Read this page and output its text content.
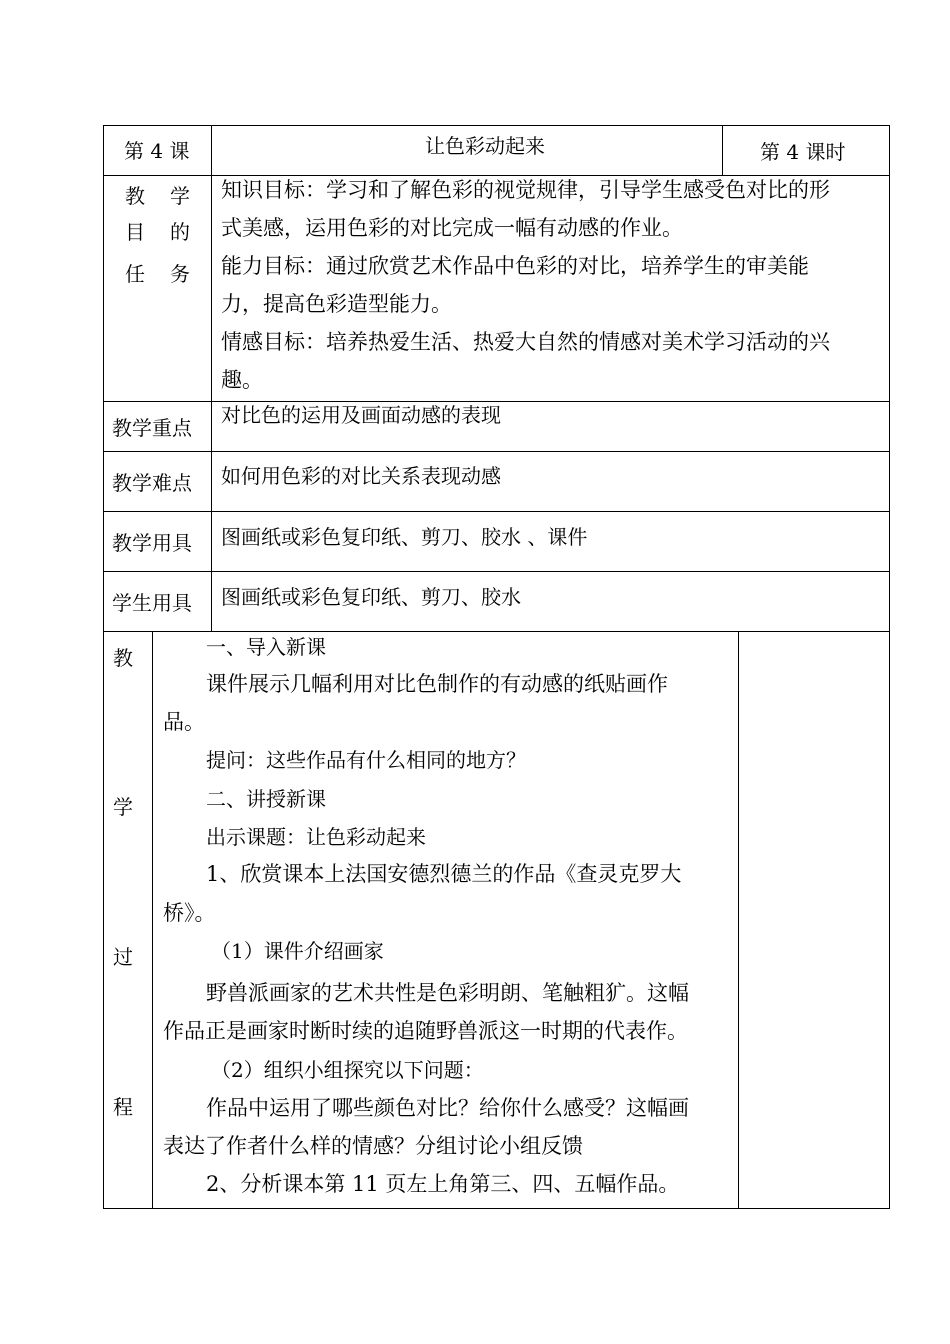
第 4 课	让色彩动起来	第 4 课时
教 学
目 的
任 务
知识目标：学习和了解色彩的视觉规律，引导学生感受色对比的形
式美感，运用色彩的对比完成一幅有动感的作业。
能力目标：通过欣赏艺术作品中色彩的对比，培养学生的审美能
力，提高色彩造型能力。
情感目标：培养热爱生活、热爱大自然的情感对美术学习活动的兴
趣。
教学重点
对比色的运用及画面动感的表现
教学难点 如何用色彩的对比关系表现动感
教学用具 图画纸或彩色复印纸、剪刀、胶水 、课件
学生用具 图画纸或彩色复印纸、剪刀、胶水
教
学
过
程
一、导入新课
课件展示几幅利用对比色制作的有动感的纸贴画作
品。
提问：这些作品有什么相同的地方？
二、讲授新课
出示课题：让色彩动起来
1、欣赏课本上法国安德烈德兰的作品《查灵克罗大
桥》。
（1）课件介绍画家
野兽派画家的艺术共性是色彩明朗、笔触粗犷。这幅
作品正是画家时断时续的追随野兽派这一时期的代表作。
（2）组织小组探究以下问题：
作品中运用了哪些颜色对比？给你什么感受？这幅画
表达了作者什么样的情感？分组讨论小组反馈
2、分析课本第 11 页左上角第三、四、五幅作品。
